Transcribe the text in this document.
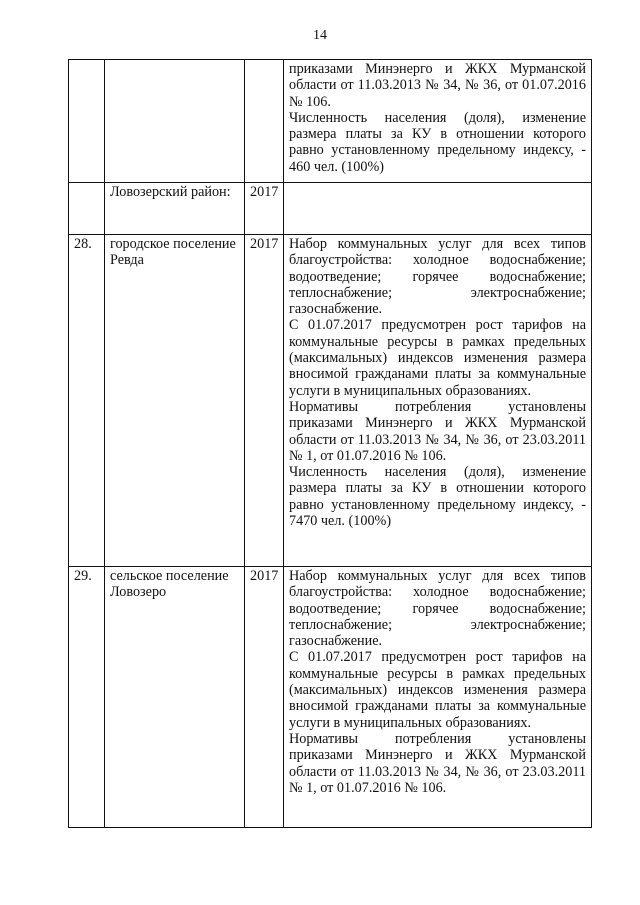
14

			приказами Минэнерго и ЖКХ Мурманской области от 11.03.2013 № 34, № 36, от 01.07.2016 № 106.
Численность населения (доля), изменение размера платы за КУ в отношении которого равно установленному предельному индексу, - 460 чел. (100%)

	Ловозерский район:	2017	
28.	городское поселение Ревда	2017	Набор коммунальных услуг для всех типов благоустройства: холодное водоснабжение; водоотведение; горячее водоснабжение; теплоснабжение; электроснабжение; газоснабжение.
С 01.07.2017 предусмотрен рост тарифов на коммунальные ресурсы в рамках предельных (максимальных) индексов изменения размера вносимой гражданами платы за коммунальные услуги в муниципальных образованиях.
Нормативы потребления установлены приказами Минэнерго и ЖКХ Мурманской области от 11.03.2013 № 34, № 36, от 23.03.2011 № 1, от 01.07.2016 № 106.
Численность населения (доля), изменение размера платы за КУ в отношении которого равно установленному предельному индексу, - 7470 чел. (100%)

29.	сельское поселение Ловозеро	2017	Набор коммунальных услуг для всех типов благоустройства: холодное водоснабжение; водоотведение; горячее водоснабжение; теплоснабжение; электроснабжение; газоснабжение.
С 01.07.2017 предусмотрен рост тарифов на коммунальные ресурсы в рамках предельных (максимальных) индексов изменения размера вносимой гражданами платы за коммунальные услуги в муниципальных образованиях.
Нормативы потребления установлены приказами Минэнерго и ЖКХ Мурманской области от 11.03.2013 № 34, № 36, от 23.03.2011 № 1, от 01.07.2016 № 106.
